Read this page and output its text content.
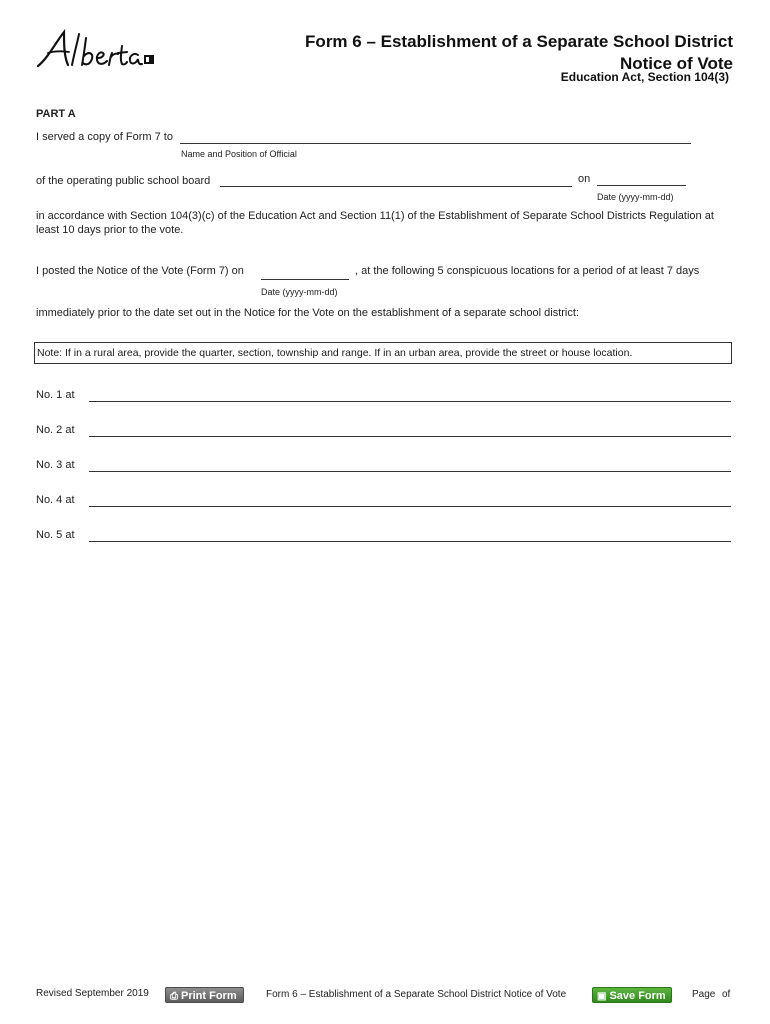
Form 6 – Establishment of a Separate School District
Notice of Vote
Education Act, Section 104(3)
PART A
I served a copy of Form 7 to
Name and Position of Official
of the operating public school board	on
Date (yyyy-mm-dd)
in accordance with Section 104(3)(c) of the Education Act and Section 11(1) of the Establishment of Separate School Districts Regulation at least 10 days prior to the vote.
I posted the Notice of the Vote (Form 7) on	, at the following 5 conspicuous locations for a period of at least 7 days
Date (yyyy-mm-dd)
immediately prior to the date set out in the Notice for the Vote on the establishment of a separate school district:
Note: If in a rural area, provide the quarter, section, township and range. If in an urban area, provide the street or house location.
No. 1 at
No. 2 at
No. 3 at
No. 4 at
No. 5 at
Revised September 2019	⎙ Print Form	Form 6 – Establishment of a Separate School District Notice of Vote	▣ Save Form	Page of
